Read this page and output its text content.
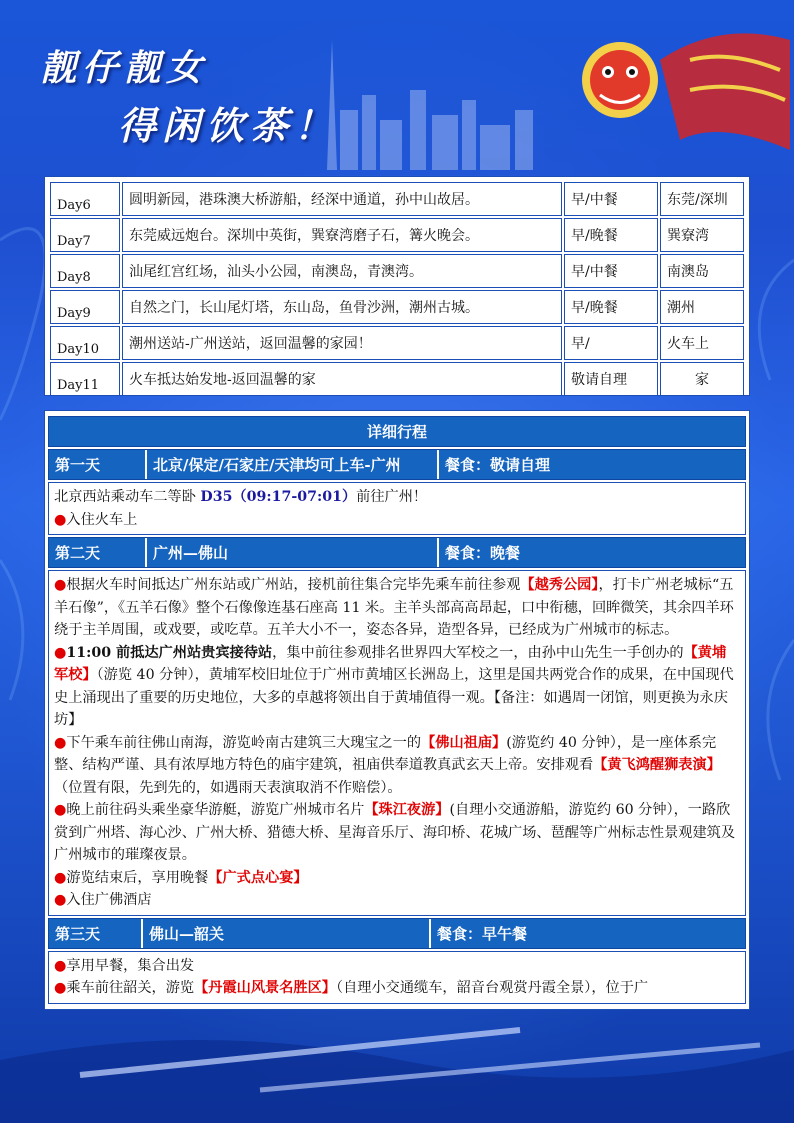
靓仔靓女
得闲饮茶！
Day6	圆明新园，港珠澳大桥游船，经深中通道，孙中山故居。	早/中餐	东莞/深圳
Day7	东莞威远炮台。深圳中英街，巽寮湾磨子石，篝火晚会。	早/晚餐	巽寮湾
Day8	汕尾红宫红场，汕头小公园，南澳岛，青澳湾。	早/中餐	南澳岛
Day9	自然之门，长山尾灯塔，东山岛，鱼骨沙洲，潮州古城。	早/晚餐	潮州
Day10	潮州送站-广州送站，返回温馨的家园！	早/	火车上
Day11	火车抵达始发地-返回温馨的家	敬请自理	家
详细行程
第一天	北京/保定/石家庄/天津均可上车-广州	餐食：敬请自理
北京西站乘动车二等卧 D35（09:17-07:01）前往广州！
●入住火车上
第二天	广州—佛山	餐食：晚餐
●根据火车时间抵达广州东站或广州站，接机前往集合完毕先乘车前往参观【越秀公园】，打卡广州老城标“五羊石像”，《五羊石像》整个石像像连基石座高 11 米。主羊头部高高昂起，口中衔穗，回眸微笑，其余四羊环绕于主羊周围，或戏要，或吃草。五羊大小不一，姿态各异，造型各异，已经成为广州城市的标志。
●11:00 前抵达广州站贵宾接待站，集中前往参观排名世界四大军校之一，由孙中山先生一手创办的【黄埔军校】（游览 40 分钟），黄埔军校旧址位于广州市黄埔区长洲岛上，这里是国共两党合作的成果，在中国现代史上涌现出了重要的历史地位，大多的卓越将领出自于黄埔值得一观。【备注：如遇周一闭馆，则更换为永庆坊】
●下午乘车前往佛山南海，游览岭南古建筑三大瑰宝之一的【佛山祖庙】(游览约 40 分钟），是一座体系完整、结构严谨、具有浓厚地方特色的庙宇建筑，祖庙供奉道教真武玄天上帝。安排观看【黄飞鸿醒狮表演】（位置有限，先到先的，如遇雨天表演取消不作赔偿）。
●晚上前往码头乘坐豪华游艇，游览广州城市名片【珠江夜游】(自理小交通游船，游览约 60 分钟），一路欣赏到广州塔、海心沙、广州大桥、猎德大桥、星海音乐厅、海印桥、花城广场、琶醒等广州标志性景观建筑及广州城市的璀璨夜景。
●游览结束后，享用晚餐【广式点心宴】
●入住广佛酒店
第三天	佛山—韶关	餐食：早午餐
●享用早餐，集合出发
●乘车前往韶关，游览【丹霞山风景名胜区】（自理小交通缆车，韶音台观赏丹霞全景），位于广
